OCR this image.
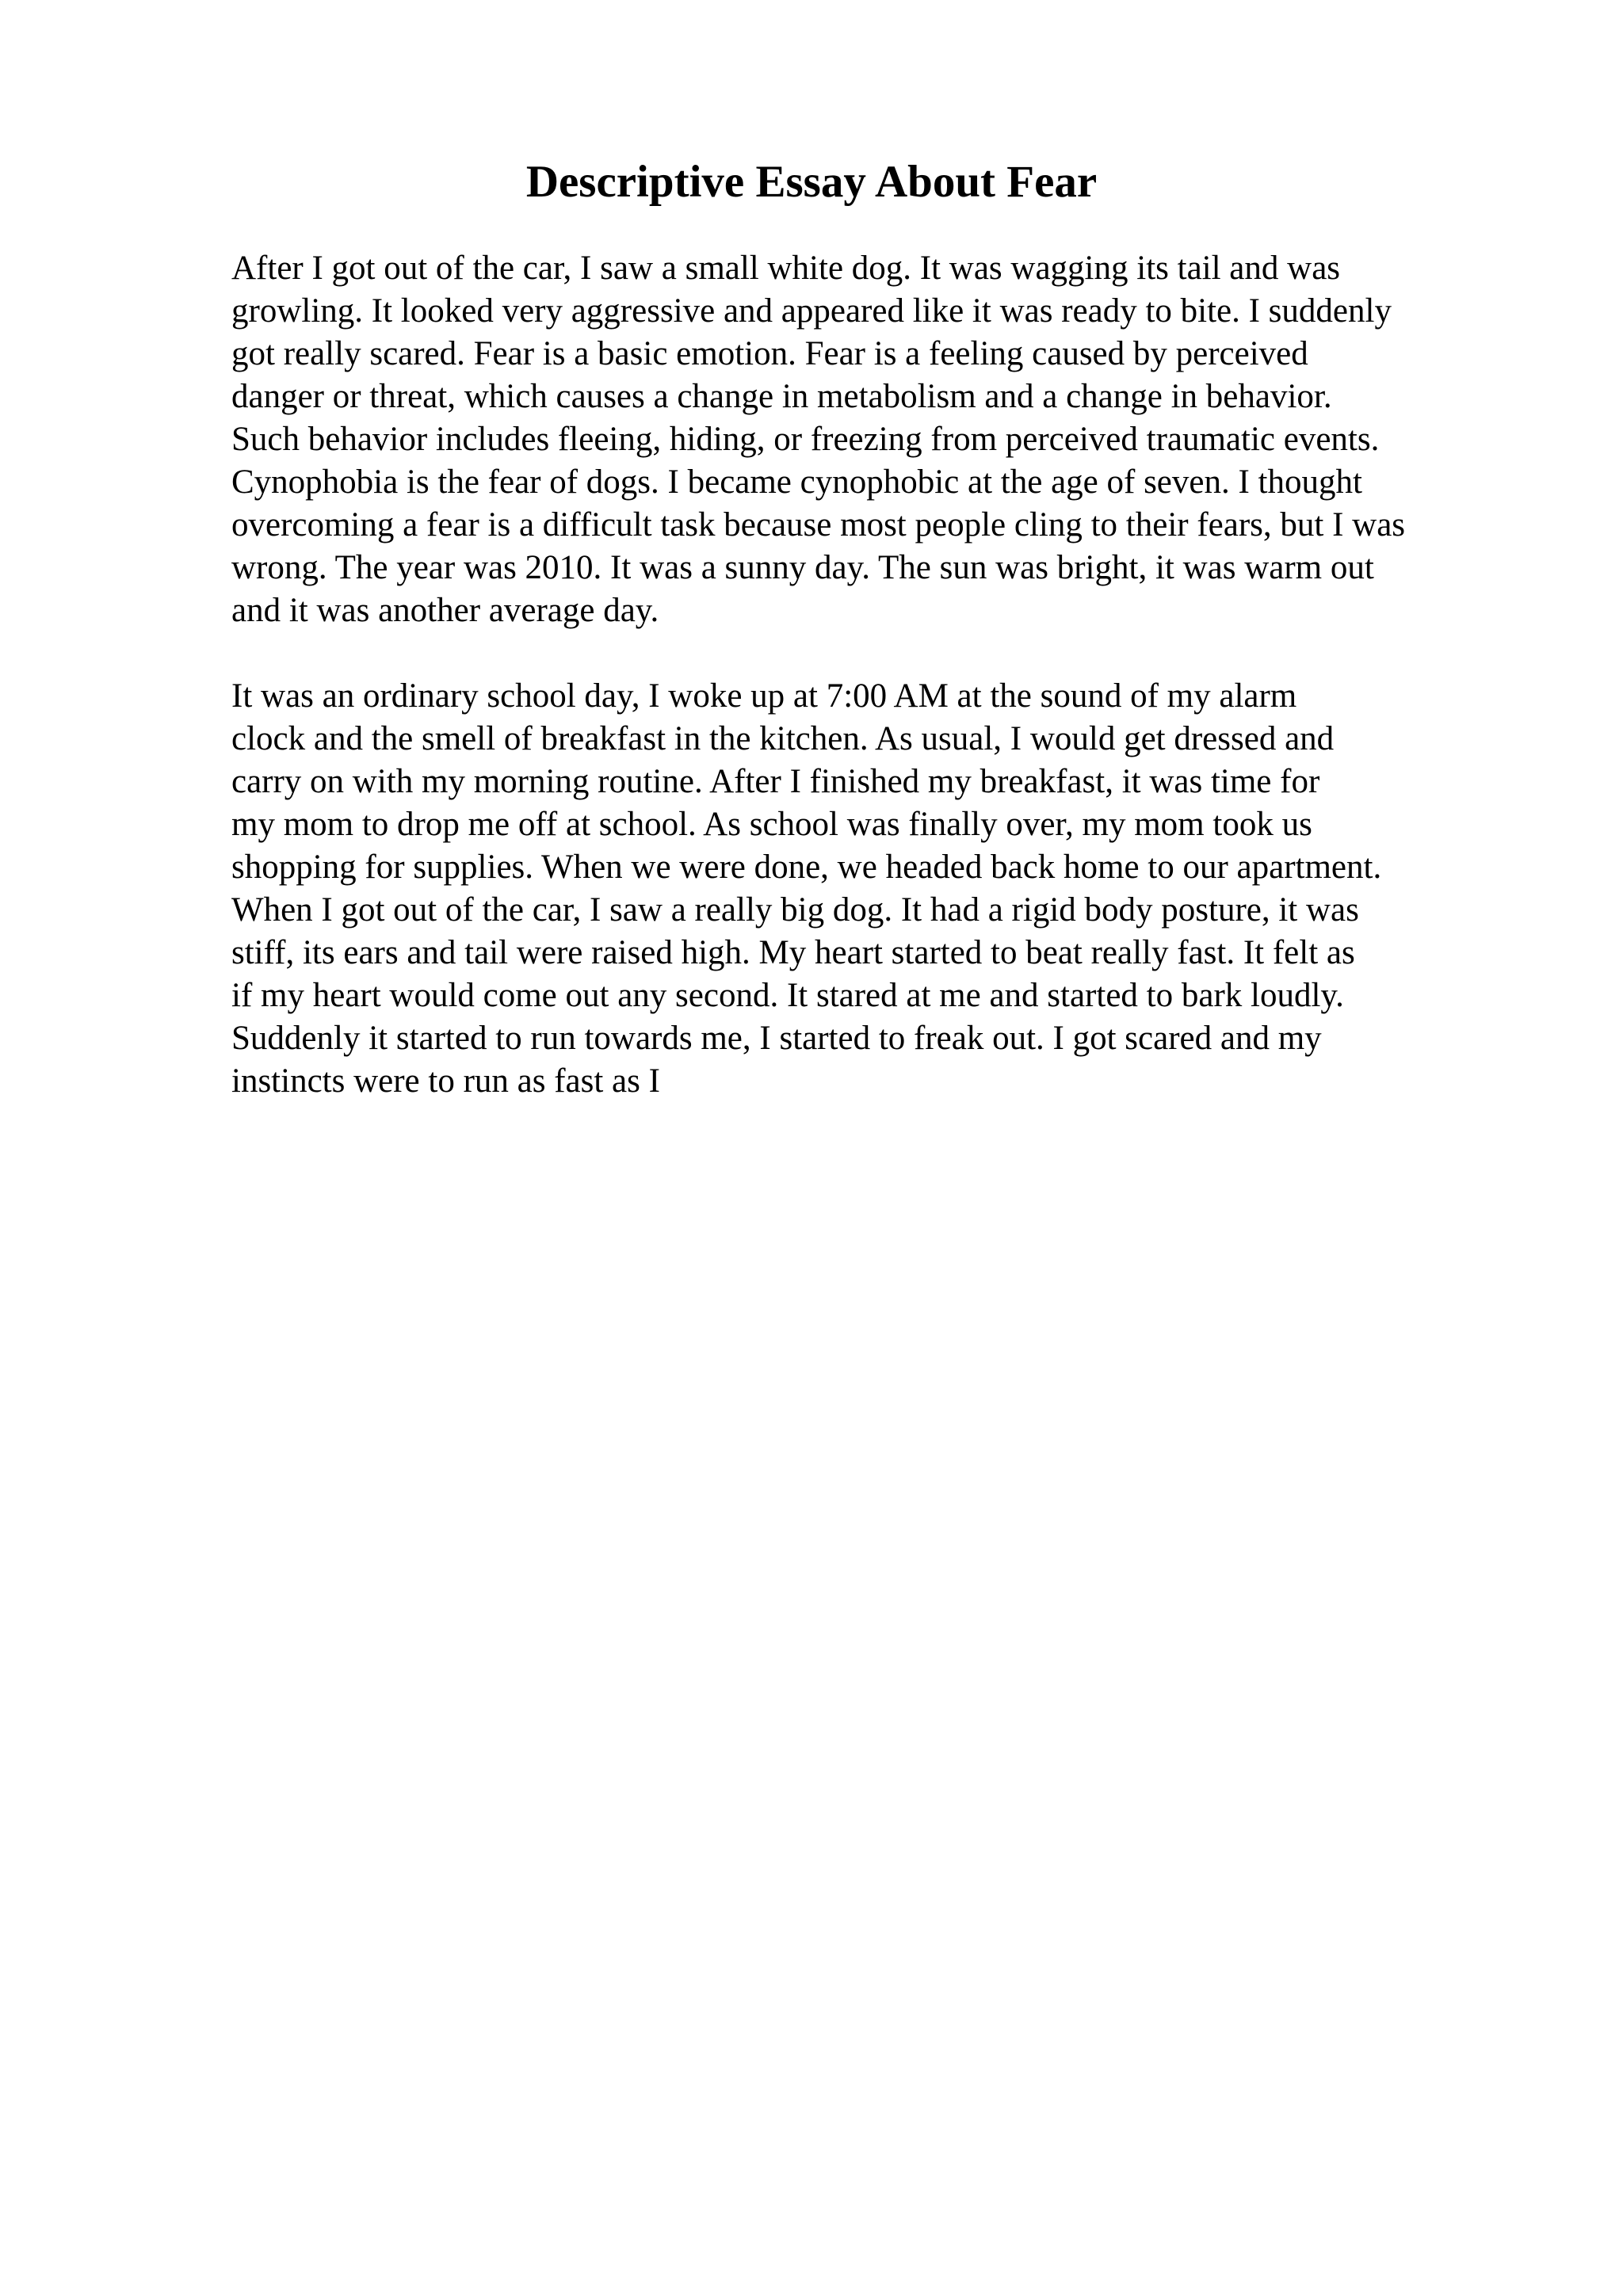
Descriptive Essay About Fear

After I got out of the car, I saw a small white dog. It was wagging its tail and was

growling. It looked very aggressive and appeared like it was ready to bite. I suddenly

got really scared. Fear is a basic emotion. Fear is a feeling caused by perceived

danger or threat, which causes a change in metabolism and a change in behavior.

Such behavior includes fleeing, hiding, or freezing from perceived traumatic events.

Cynophobia is the fear of dogs. I became cynophobic at the age of seven. I thought

overcoming a fear is a difficult task because most people cling to their fears, but I was

wrong. The year was 2010. It was a sunny day. The sun was bright, it was warm out

and it was another average day.

It was an ordinary school day, I woke up at 7:00 AM at the sound of my alarm

clock and the smell of breakfast in the kitchen. As usual, I would get dressed and

carry on with my morning routine. After I finished my breakfast, it was time for

my mom to drop me off at school. As school was finally over, my mom took us

shopping for supplies. When we were done, we headed back home to our apartment.

When I got out of the car, I saw a really big dog. It had a rigid body posture, it was

stiff, its ears and tail were raised high. My heart started to beat really fast. It felt as

if my heart would come out any second. It stared at me and started to bark loudly.

Suddenly it started to run towards me, I started to freak out. I got scared and my

instincts were to run as fast as I
